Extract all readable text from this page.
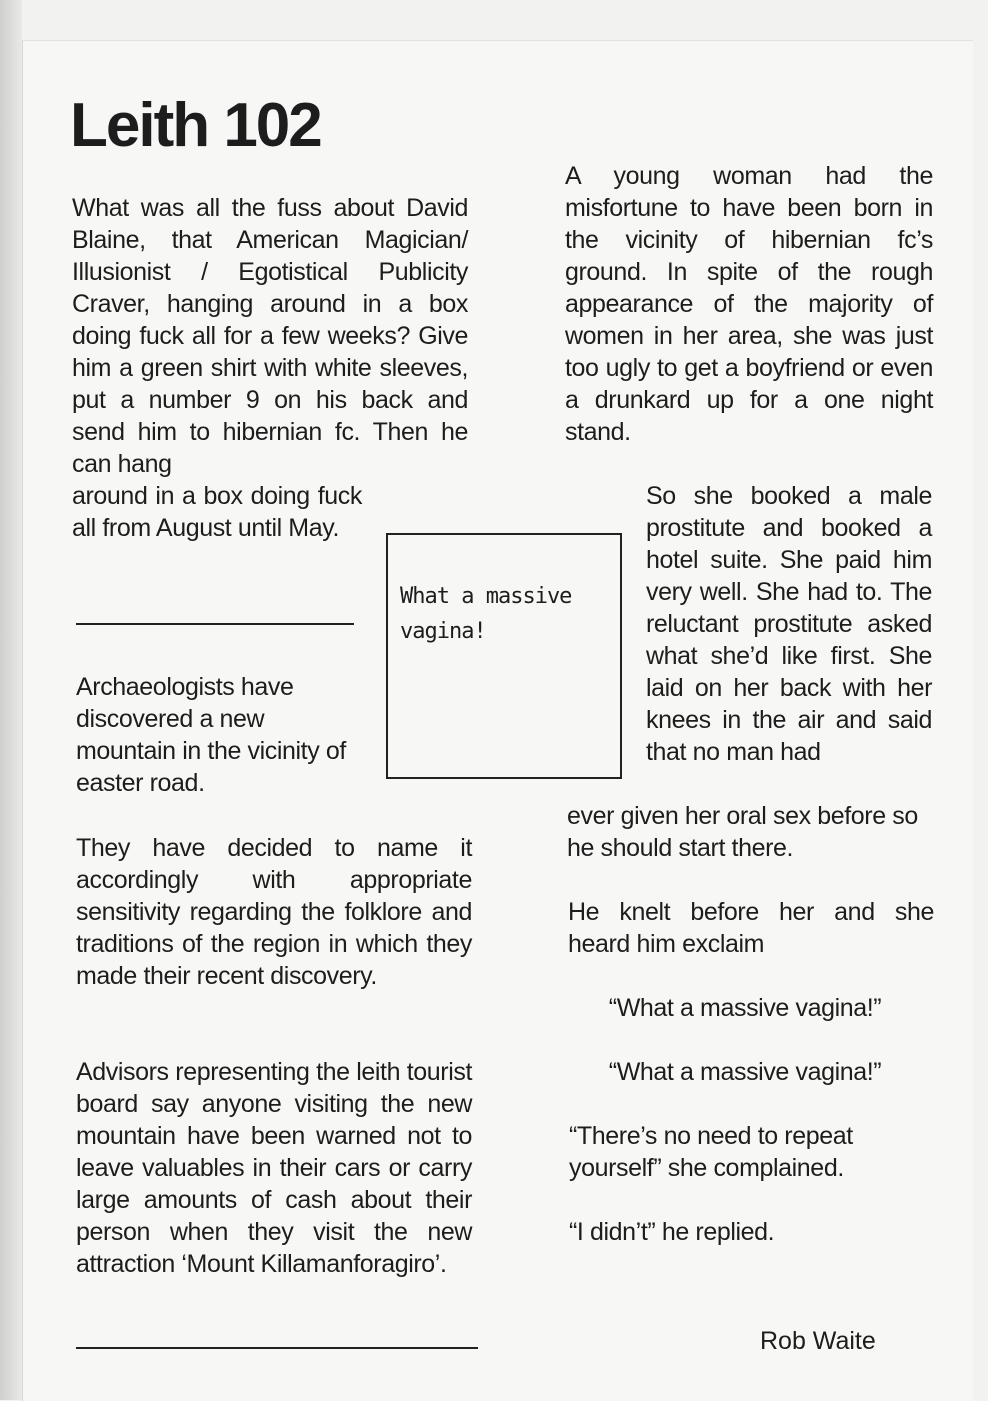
Leith 102

What was all the fuss about David Blaine, that American Magician/ Illusionist / Egotistical Publicity Craver, hanging around in a box doing fuck all for a few weeks? Give him a green shirt with white sleeves, put a number 9 on his back and send him to hibernian fc. Then he can hang

around in a box doing fuck all from August until May.

Archaeologists have discovered a new mountain in the vicinity of easter road.

They have decided to name it accordingly with appropriate sensitivity regarding the folklore and traditions of the region in which they made their recent discovery.

Advisors representing the leith tourist board say anyone visiting the new mountain have been warned not to leave valuables in their cars or carry large amounts of cash about their person when they visit the new attraction ‘Mount Killamanforagiro’.

What a massive vagina!

A young woman had the misfortune to have been born in the vicinity of hibernian fc’s ground. In spite of the rough appearance of the majority of women in her area, she was just too ugly to get a boyfriend or even a drunkard up for a one night stand.

So she booked a male prostitute and booked a hotel suite. She paid him very well. She had to. The reluctant prostitute asked what she’d like first. She laid on her back with her knees in the air and said that no man had

ever given her oral sex before so he should start there.

He knelt before her and she heard him exclaim

“What a massive vagina!”

“What a massive vagina!”

“There’s no need to repeat yourself” she complained.

“I didn’t” he replied.

Rob Waite
